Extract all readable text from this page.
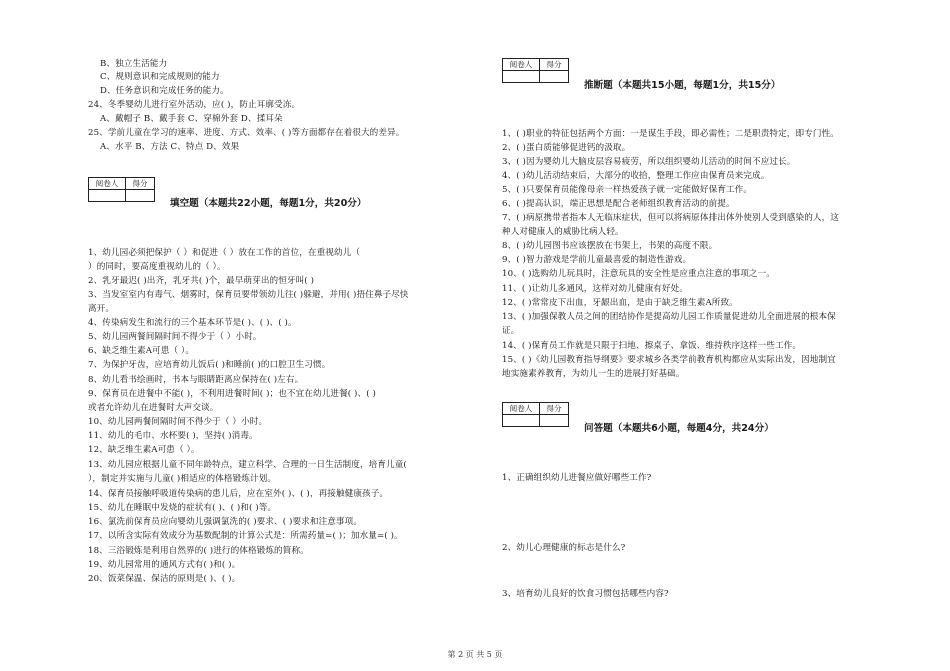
B、独立生活能力
C、规则意识和完成规则的能力
D、任务意识和完成任务的能力。
24、冬季婴幼儿进行室外活动，应( )，防止耳廓受冻。
A、戴帽子 B、戴手套 C、穿棉外套 D、揉耳朵
25、学前儿童在学习的速率、进度、方式、效率、( )等方面都存在着很大的差异。
A、水平 B、方法 C、特点 D、效果
阅卷人	得分

填空题（本题共22小题，每题1分，共20分）
1、幼儿园必须把保护（ ）和促进（ ）放在工作的首位，在重视幼儿（
）的同时，要高度重视幼儿的（ ）。
2、乳牙最迟( )出齐，乳牙共( )个，最早萌芽出的恒牙叫( )
3、当发室室内有毒气、烟雾时，保育员要带领幼儿往( )躲避，并用( )捂住鼻子尽快
离开。
4、传染病发生和流行的三个基本环节是( )、( )、( )。
5、幼儿园两餐间隔时间不得少于（ ）小时。
6、缺乏维生素A可患（ ）。
7、为保护牙齿，应培育幼儿饭后( )和睡前( )的口腔卫生习惯。
8、幼儿看书绘画时，书本与眼睛距离应保持在( )左右。
9、保育员在进餐中不能( )，不利用进餐时间( )；也不宜在幼儿进餐( )、( )
或者允许幼儿在进餐时大声交谈。
10、幼儿园两餐间隔时间不得少于（ ）小时。
11、幼儿的毛巾、水杯要( )，坚持( )消毒。
12、缺乏维生素A可患（ ）。
13、幼儿园应根据儿童不同年龄特点，建立科学、合理的一日生活制度，培育儿童(
），制定并实施与儿童( )相适应的体格锻炼计划。
14、保育员接触呼吸道传染病的患儿后，应在室外( )、( )，再接触健康孩子。
15、幼儿在睡眠中发烧的症状有( )、( )和( )等。
16、氯洗前保育员应向婴幼儿强调氯洗的( )要求、( )要求和注意事项。
17、以所含实际有效成分为基数配制的计算公式是：所需药量=( )；加水量=( )。
18、三浴锻炼是利用自然界的( )进行的体格锻炼的简称。
19、幼儿园常用的通风方式有( )和( )。
20、饭菜保温、保洁的原则是( )、( )。
阅卷人	得分

推断题（本题共15小题，每题1分，共15分）
1、( )职业的特征包括两个方面：一是谋生手段，即必需性；二是职责特定，即专门性。
2、( )蛋白质能够促进钙的汲取。
3、( )因为婴幼儿大脑皮层容易疲劳，所以组织婴幼儿活动的时间不应过长。
4、( )幼儿活动结束后，大部分的收拾，整理工作应由保育员来完成。
5、( )只要保育员能像母亲一样热爱孩子就一定能做好保育工作。
6、( )提高认识，端正思想是配合老师组织教育活动的前提。
7、( )病原携带者指本人无临床症状，但可以将病原体排出体外使别人受到感染的人，这
种人对健康人的威胁比病人轻。
8、( )幼儿园图书应该摆放在书架上，书架的高度不限。
9、( )智力游戏是学前儿童最喜爱的制造性游戏。
10、( )选购幼儿玩具时，注意玩具的安全性是应重点注意的事项之一。
11、( )让幼儿多通风，这样对幼儿健康有好处。
12、( )常常皮下出血，牙龈出血，是由于缺乏维生素A所致。
13、( )加强保教人员之间的团结协作是提高幼儿园工作质量促进幼儿全面进展的根本保
证。
14、( )保育员工作就是只限于扫地、擦桌子、拿饭、维持秩序这样一些工作。
15、( )《幼儿园教育指导纲要》要求城乡各类学前教育机构都应从实际出发，因地制宜
地实施素养教育，为幼儿一生的进展打好基础。
阅卷人	得分

问答题（本题共6小题，每题4分，共24分）
1、正确组织幼儿进餐应做好哪些工作?
2、幼儿心理健康的标志是什么?
3、培育幼儿良好的饮食习惯包括哪些内容?
第 2 页 共 5 页
